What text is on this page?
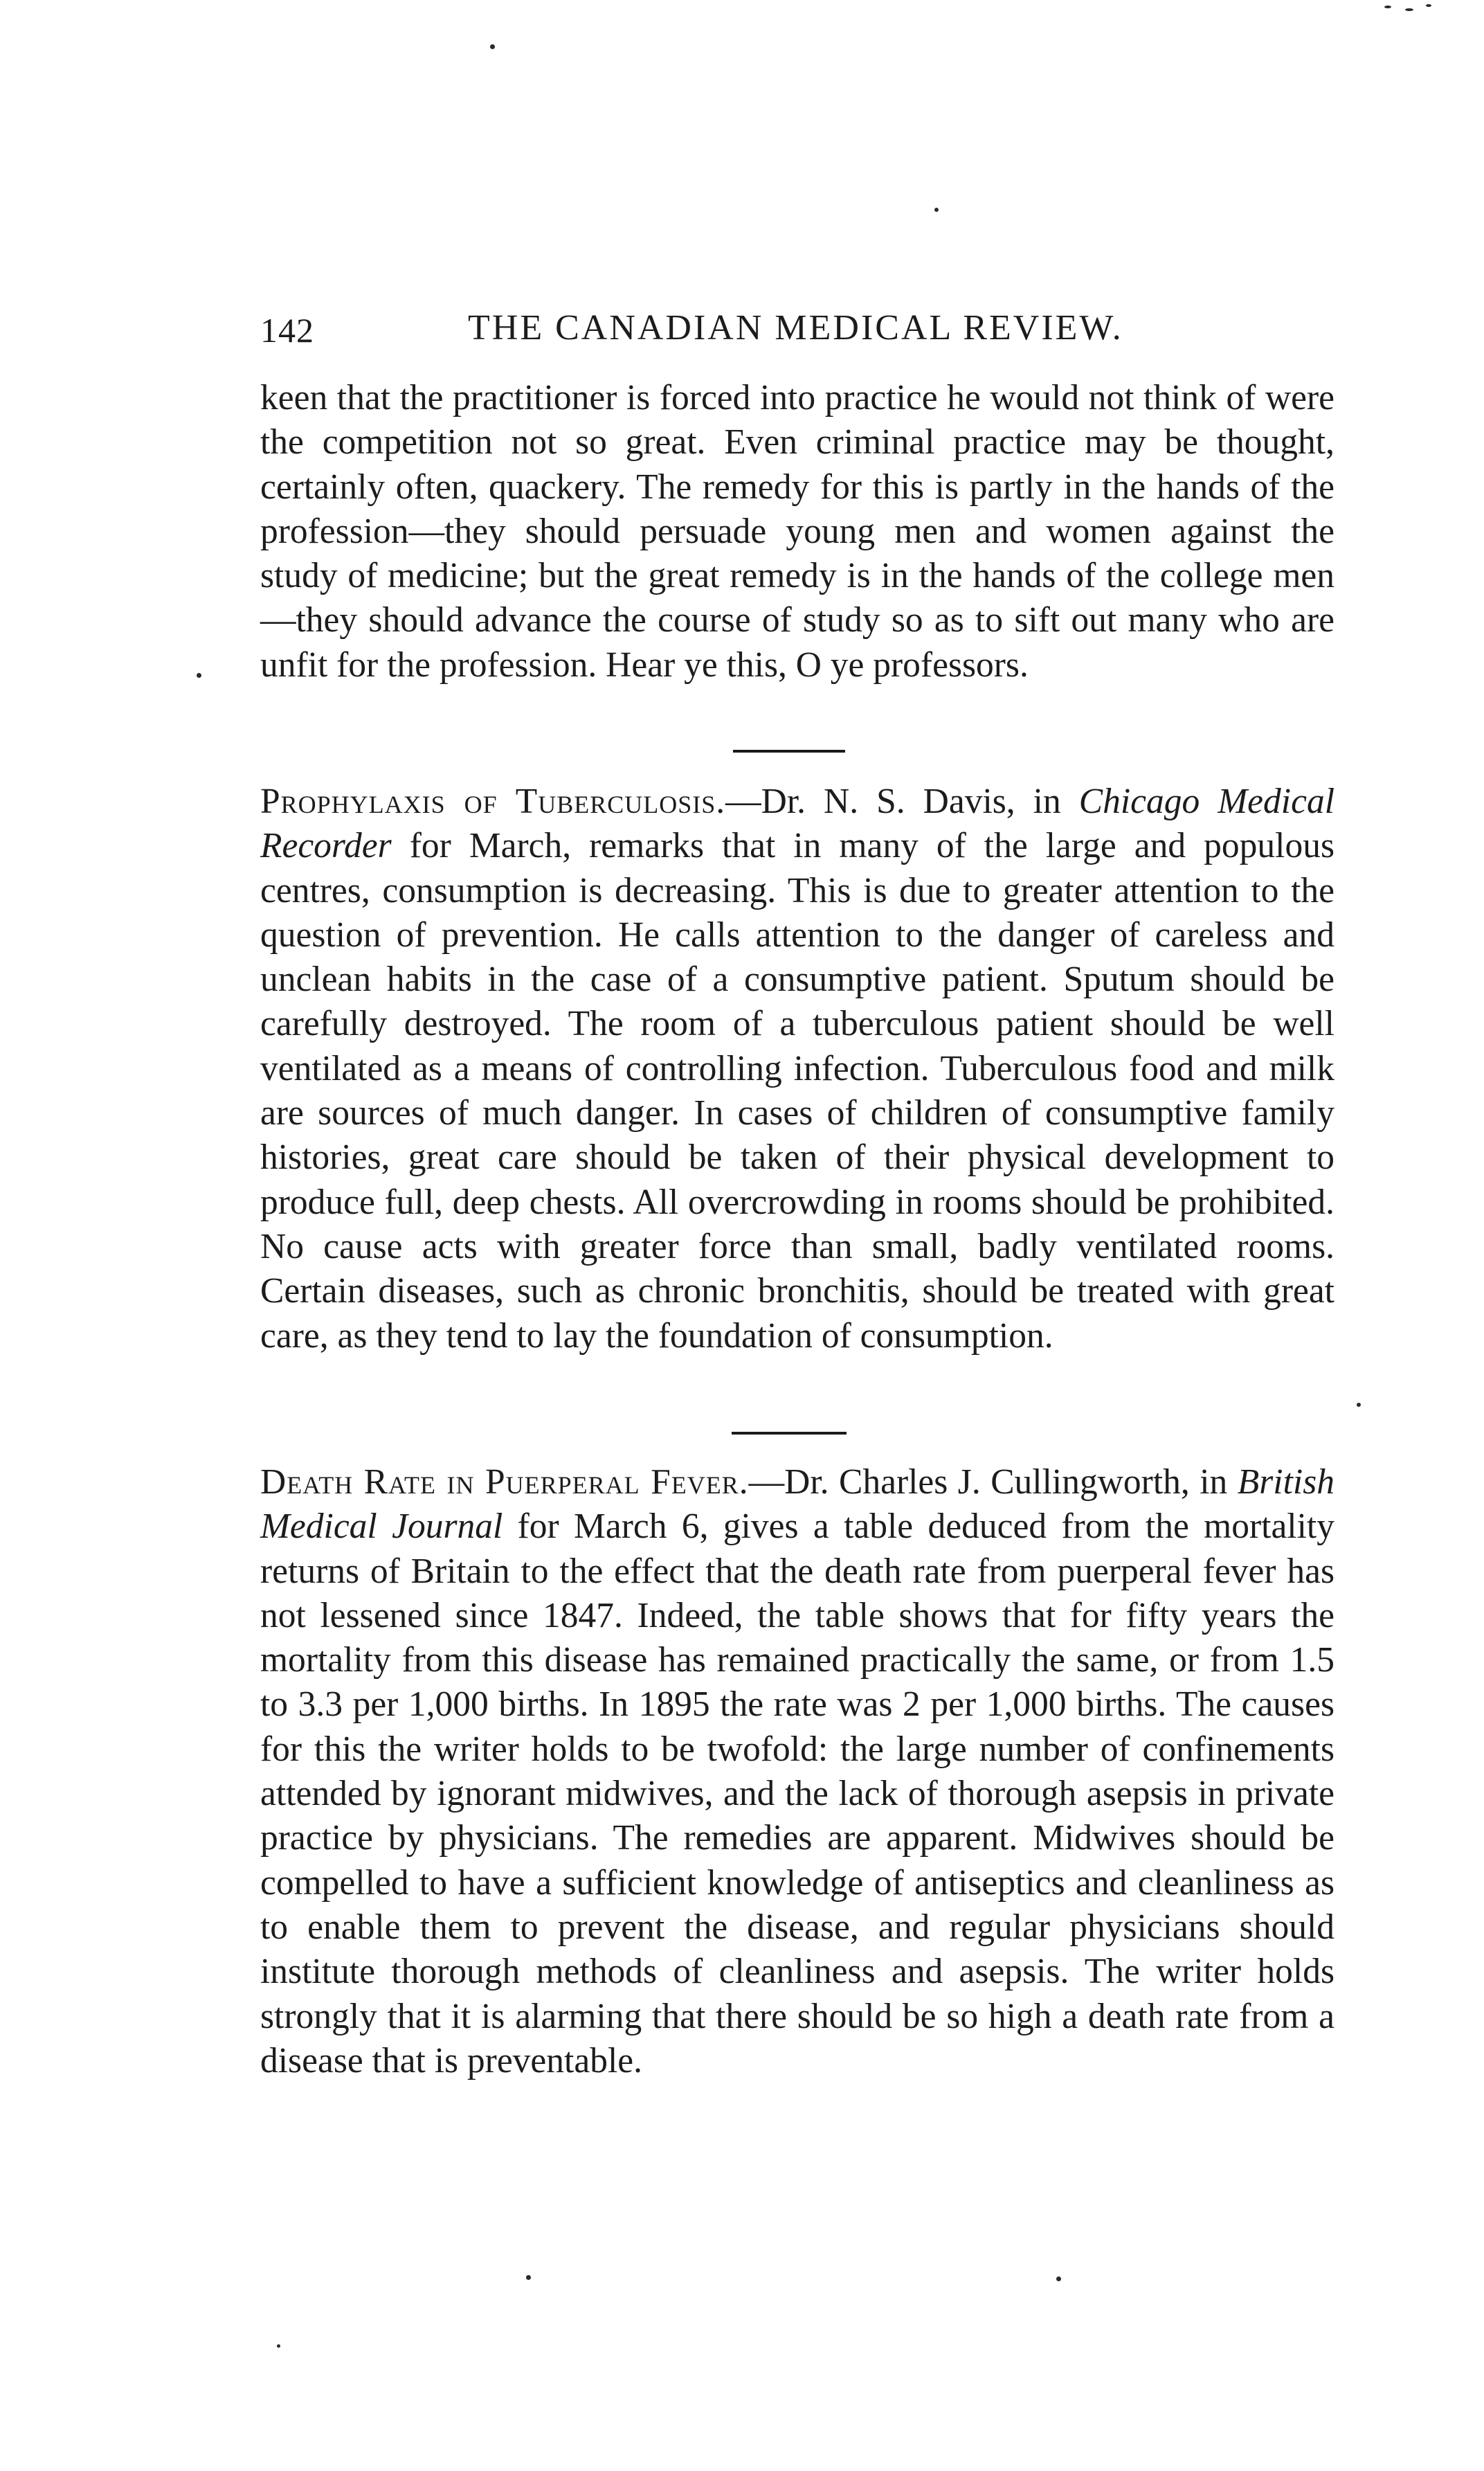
142	THE CANADIAN MEDICAL REVIEW.

keen that the practitioner is forced into practice he would not think of were the competition not so great. Even criminal practice may be thought, certainly often, quackery. The remedy for this is partly in the hands of the profession—they should persuade young men and women against the study of medicine; but the great remedy is in the hands of the college men—they should advance the course of study so as to sift out many who are unfit for the profession. Hear ye this, O ye professors.

Prophylaxis of Tuberculosis.—Dr. N. S. Davis, in Chicago Medical Recorder for March, remarks that in many of the large and populous centres, consumption is decreasing. This is due to greater attention to the question of prevention. He calls attention to the danger of careless and unclean habits in the case of a consumptive patient. Sputum should be carefully destroyed. The room of a tuberculous patient should be well ventilated as a means of controlling infection. Tuberculous food and milk are sources of much danger. In cases of children of consumptive family histories, great care should be taken of their physical development to produce full, deep chests. All overcrowding in rooms should be prohibited. No cause acts with greater force than small, badly ventilated rooms. Certain diseases, such as chronic bronchitis, should be treated with great care, as they tend to lay the foundation of consumption.

Death Rate in Puerperal Fever.—Dr. Charles J. Cullingworth, in British Medical Journal for March 6, gives a table deduced from the mortality returns of Britain to the effect that the death rate from puerperal fever has not lessened since 1847. Indeed, the table shows that for fifty years the mortality from this disease has remained practically the same, or from 1.5 to 3.3 per 1,000 births. In 1895 the rate was 2 per 1,000 births. The causes for this the writer holds to be twofold: the large number of confinements attended by ignorant midwives, and the lack of thorough asepsis in private practice by physicians. The remedies are apparent. Midwives should be compelled to have a sufficient knowledge of antiseptics and cleanliness as to enable them to prevent the disease, and regular physicians should institute thorough methods of cleanliness and asepsis. The writer holds strongly that it is alarming that there should be so high a death rate from a disease that is preventable.
